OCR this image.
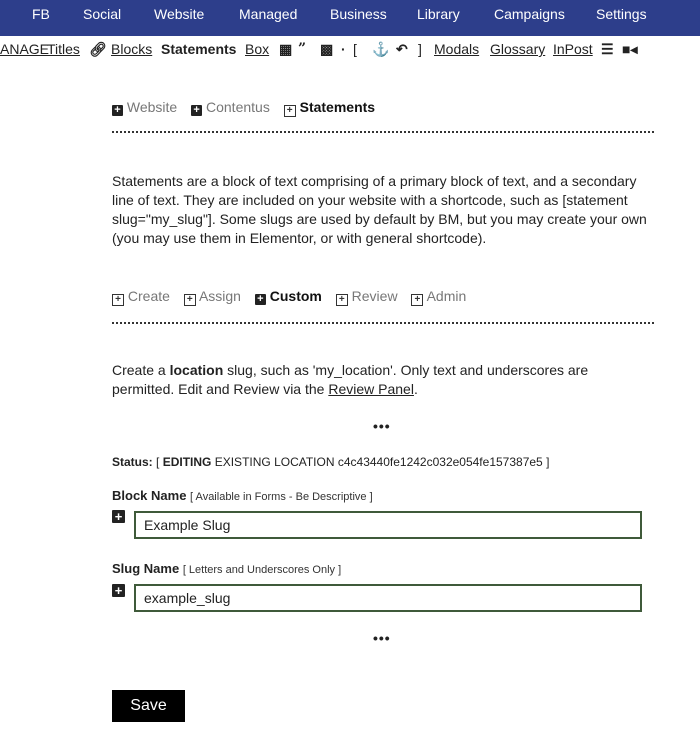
FB Social Website Managed Business Library Campaigns Settings
ANAGE
Titles 🔗︎ Blocks Statements Box ▦ ” ▩ · [ ⚓ ↶ ] Modals Glossary InPost ☰ ■◂
+ Website + Contentus + Statements
Statements are a block of text comprising of a primary block of text, and a secondary line of text. They are included on your website with a shortcode, such as [statement slug="my_slug"]. Some slugs are used by default by BM, but you may create your own (you may use them in Elementor, or with general shortcode).
+ Create + Assign + Custom + Review + Admin
Create a location slug, such as 'my_location'. Only text and underscores are permitted. Edit and Review via the Review Panel.
•••
Status: [ EDITING EXISTING LOCATION c4c43440fe1242c032e054fe157387e5 ]
Block Name [ Available in Forms - Be Descriptive ]
+
Example Slug
Slug Name [ Letters and Underscores Only ]
+
example_slug
•••
Save
